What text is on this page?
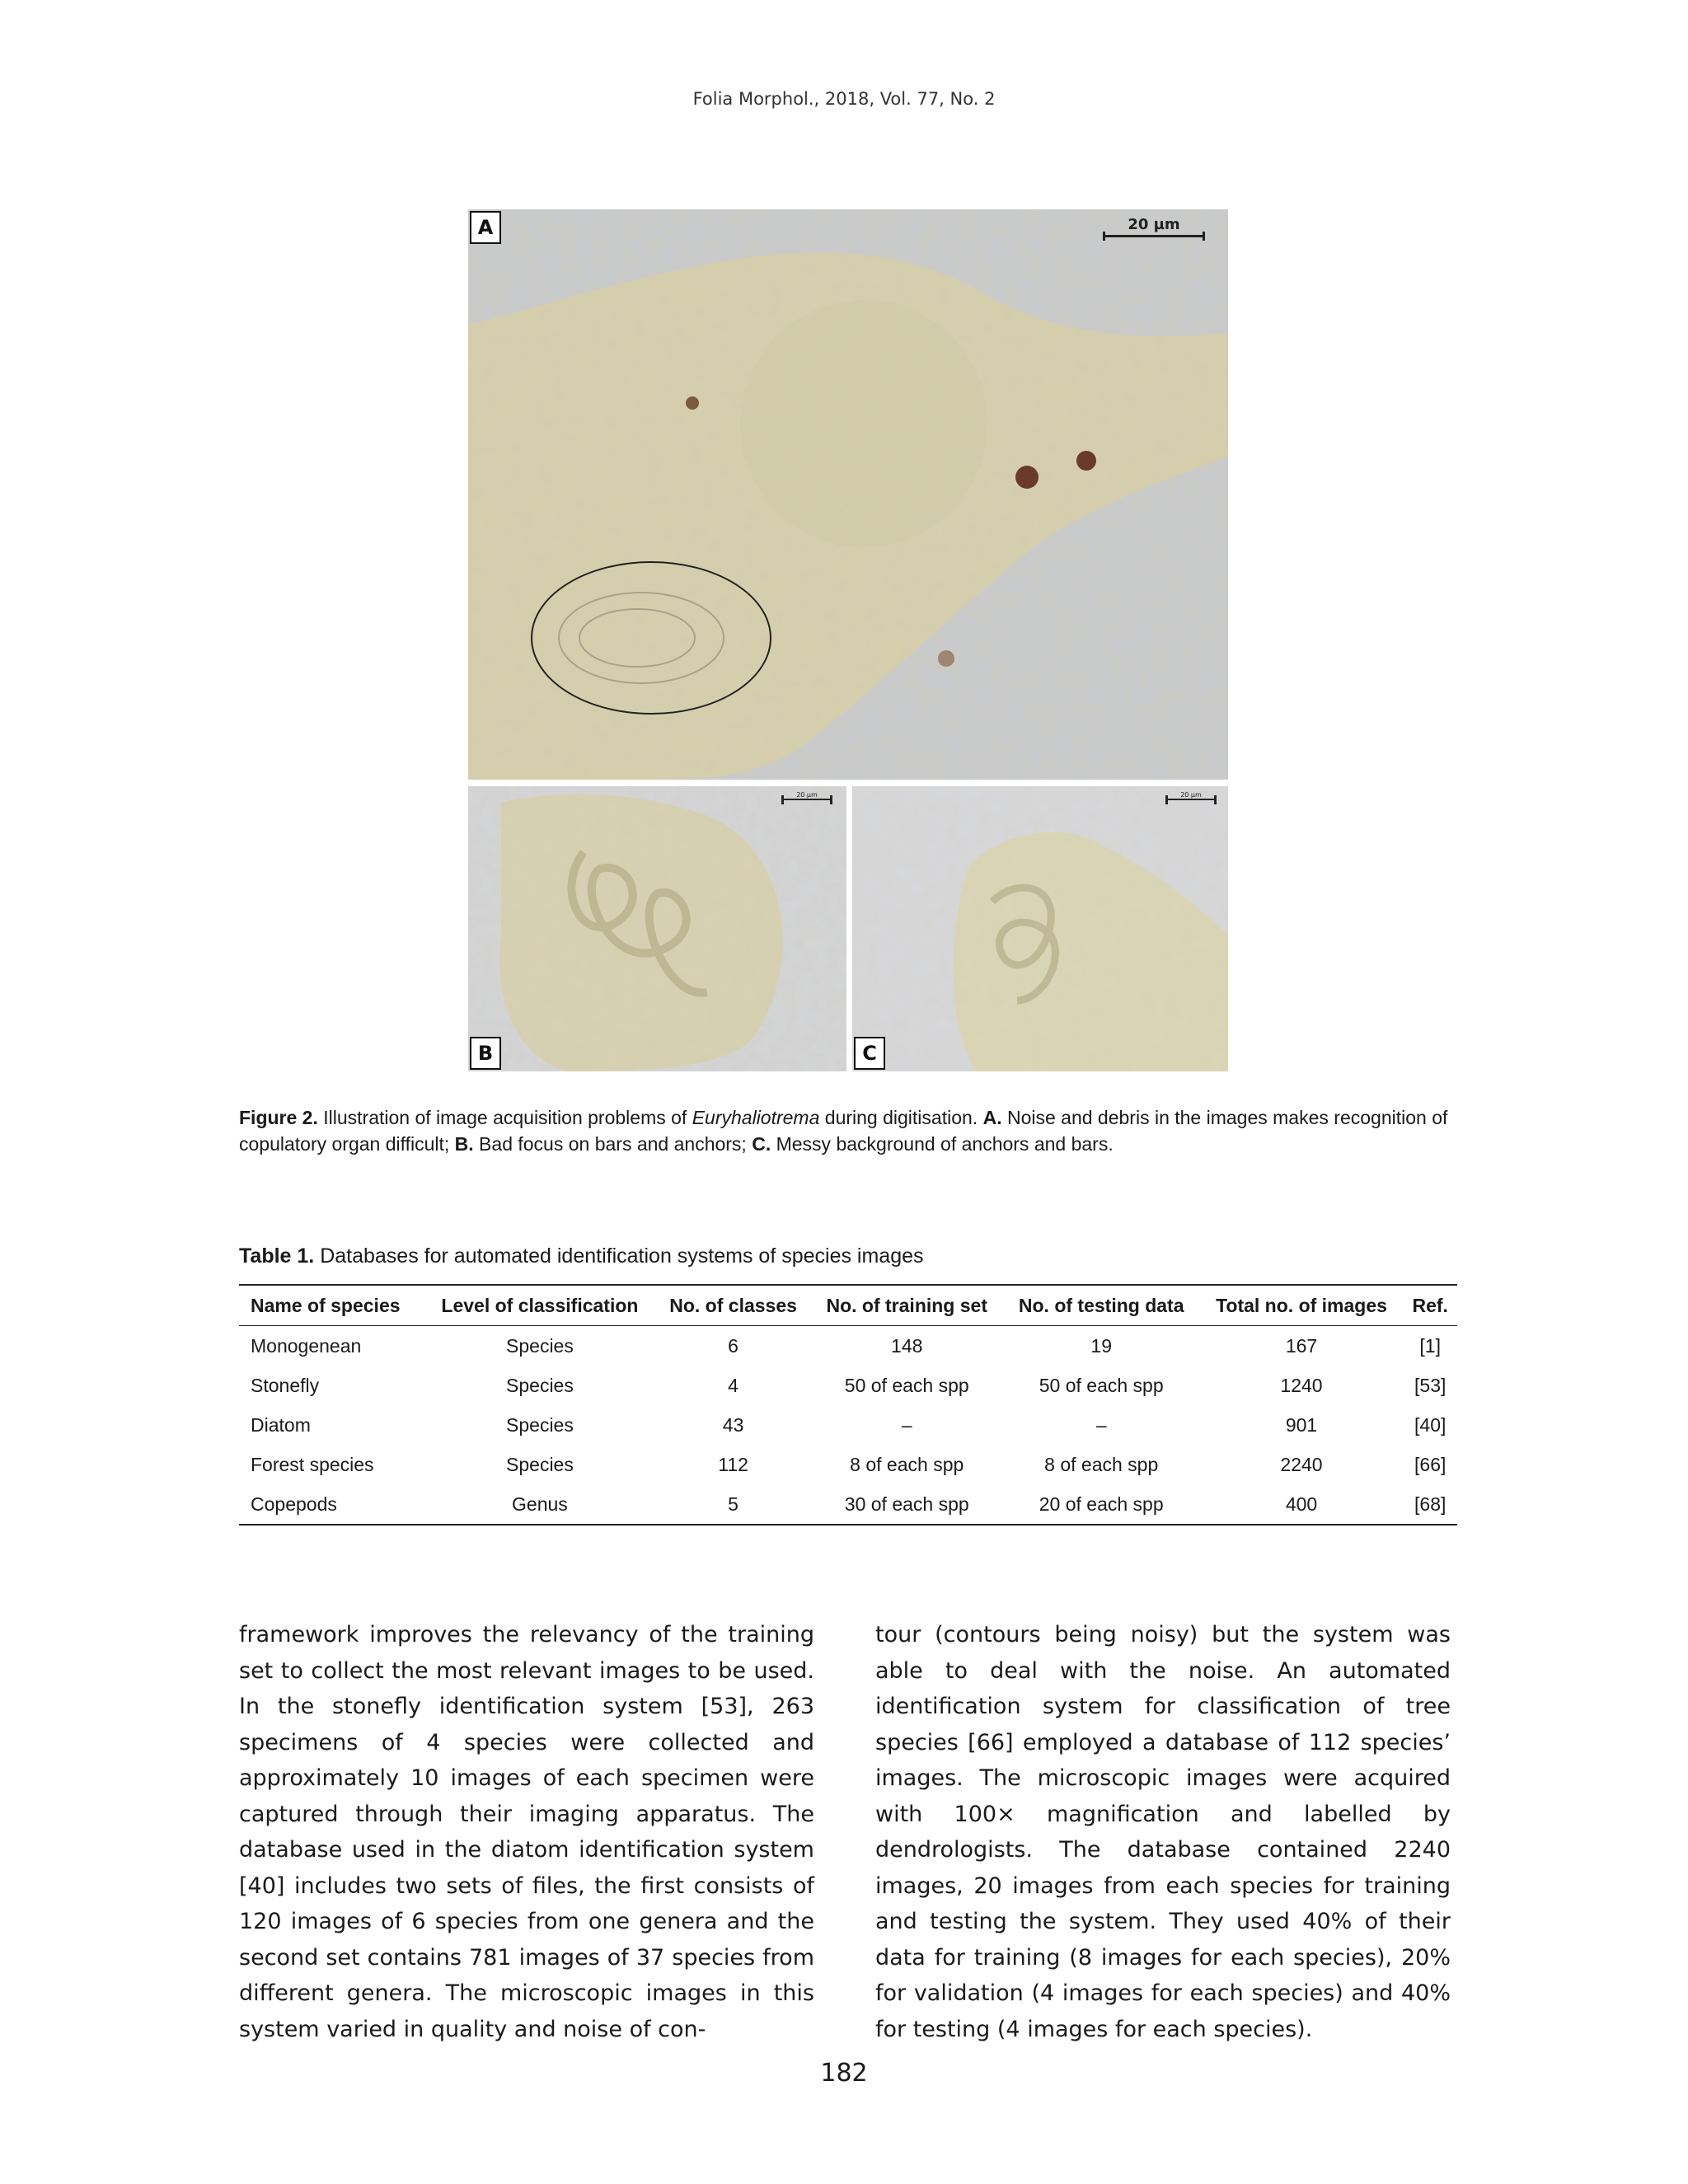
Folia Morphol., 2018, Vol. 77, No. 2
A	20 µm
B
20 µm
C
20 µm
Figure 2. Illustration of image acquisition problems of Euryhaliotrema during digitisation. A. Noise and debris in the images makes recognition of copulatory organ difficult; B. Bad focus on bars and anchors; C. Messy background of anchors and bars.
Table 1. Databases for automated identification systems of species images
Name of species	Level of classification	No. of classes	No. of training set	No. of testing data	Total no. of images	Ref.
Monogenean	Species	6	148	19	167	[1]
Stonefly	Species	4	50 of each spp	50 of each spp	1240	[53]
Diatom	Species	43	–	–	901	[40]
Forest species	Species	112	8 of each spp	8 of each spp	2240	[66]
Copepods	Genus	5	30 of each spp	20 of each spp	400	[68]
framework improves the relevancy of the training set to collect the most relevant images to be used. In the stonefly identification system [53], 263 specimens of 4 species were collected and approximately 10 images of each specimen were captured through their imaging apparatus. The database used in the diatom identification system [40] includes two sets of files, the first consists of 120 images of 6 species from one genera and the second set contains 781 images of 37 species from different genera. The microscopic images in this system varied in quality and noise of con-
tour (contours being noisy) but the system was able to deal with the noise. An automated identification system for classification of tree species [66] employed a database of 112 species’ images. The microscopic images were acquired with 100× magnification and labelled by dendrologists. The database contained 2240 images, 20 images from each species for training and testing the system. They used 40% of their data for training (8 images for each species), 20% for validation (4 images for each species) and 40% for testing (4 images for each species).
182
